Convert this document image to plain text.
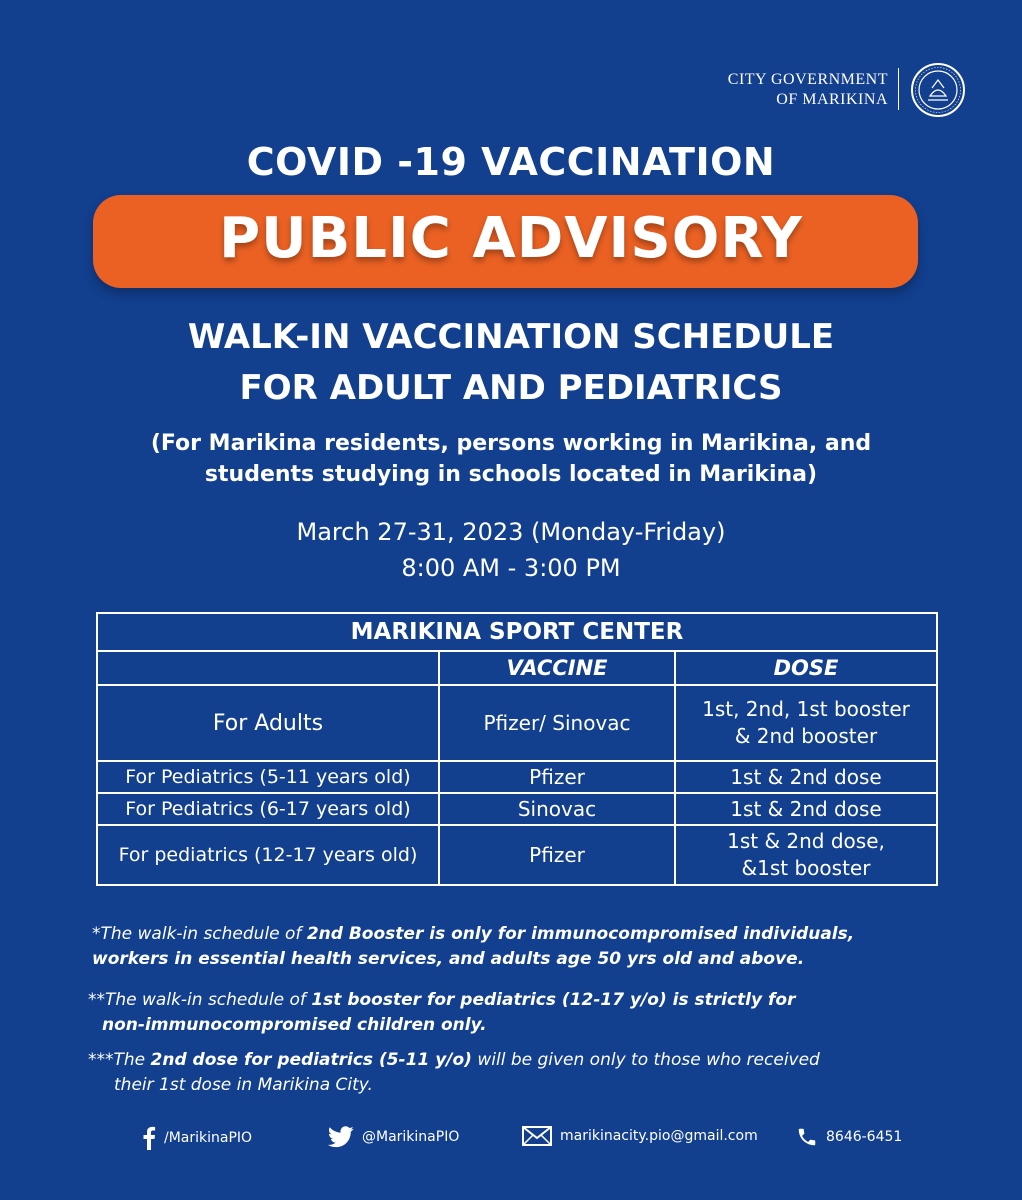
CITY GOVERNMENT
OF MARIKINA
COVID -19 VACCINATION
PUBLIC ADVISORY
WALK-IN VACCINATION SCHEDULE
FOR ADULT AND PEDIATRICS
(For Marikina residents, persons working in Marikina, and
students studying in schools located in Marikina)
March 27-31, 2023 (Monday-Friday)
8:00 AM - 3:00 PM
MARIKINA SPORT CENTER		
	VACCINE	DOSE
For Adults	Pfizer/ Sinovac	1st, 2nd, 1st booster
& 2nd booster

For Pediatrics (5-11 years old)	Pfizer	1st & 2nd dose
For Pediatrics (6-17 years old)	Sinovac	1st & 2nd dose
For pediatrics (12-17 years old)	Pfizer	1st & 2nd dose,
&1st booster
*The walk-in schedule of 2nd Booster is only for immunocompromised individuals,
workers in essential health services, and adults age 50 yrs old and above.
**The walk-in schedule of 1st booster for pediatrics (12-17 y/o) is strictly for
non-immunocompromised children only.
***The 2nd dose for pediatrics (5-11 y/o) will be given only to those who received
their 1st dose in Marikina City.
/MarikinaPIO	@MarikinaPIO	marikinacity.pio@gmail.com	8646-6451
